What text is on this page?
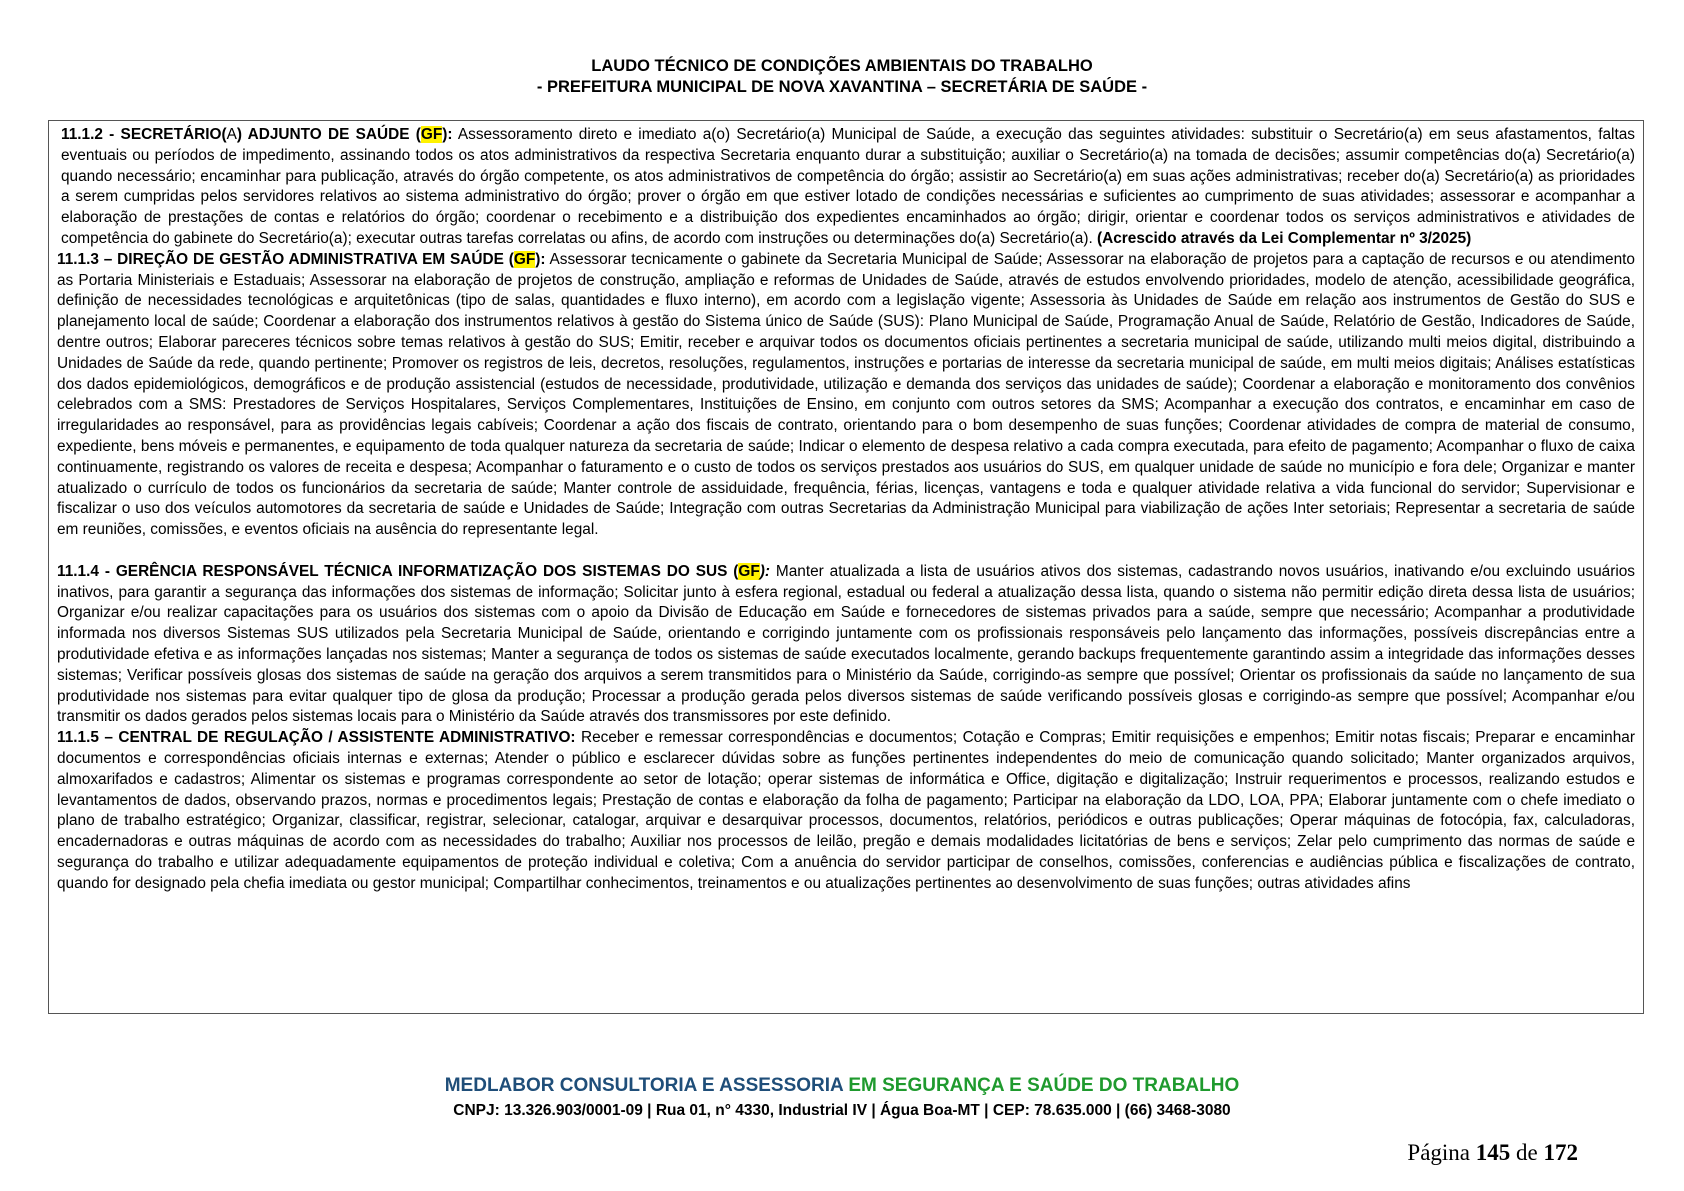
LAUDO TÉCNICO DE CONDIÇÕES AMBIENTAIS DO TRABALHO
- PREFEITURA MUNICIPAL DE NOVA XAVANTINA – SECRETÁRIA DE SAÚDE -

11.1.2 - SECRETÁRIO(A) ADJUNTO DE SAÚDE (GF): Assessoramento direto e imediato a(o) Secretário(a) Municipal de Saúde, a execução das seguintes atividades: substituir o Secretário(a) em seus afastamentos, faltas eventuais ou períodos de impedimento, assinando todos os atos administrativos da respectiva Secretaria enquanto durar a substituição; auxiliar o Secretário(a) na tomada de decisões; assumir competências do(a) Secretário(a) quando necessário; encaminhar para publicação, através do órgão competente, os atos administrativos de competência do órgão; assistir ao Secretário(a) em suas ações administrativas; receber do(a) Secretário(a) as prioridades a serem cumpridas pelos servidores relativos ao sistema administrativo do órgão; prover o órgão em que estiver lotado de condições necessárias e suficientes ao cumprimento de suas atividades; assessorar e acompanhar a elaboração de prestações de contas e relatórios do órgão; coordenar o recebimento e a distribuição dos expedientes encaminhados ao órgão; dirigir, orientar e coordenar todos os serviços administrativos e atividades de competência do gabinete do Secretário(a); executar outras tarefas correlatas ou afins, de acordo com instruções ou determinações do(a) Secretário(a). (Acrescido através da Lei Complementar nº 3/2025)

11.1.3 – DIREÇÃO DE GESTÃO ADMINISTRATIVA EM SAÚDE (GF): Assessorar tecnicamente o gabinete da Secretaria Municipal de Saúde; Assessorar na elaboração de projetos para a captação de recursos e ou atendimento as Portaria Ministeriais e Estaduais; Assessorar na elaboração de projetos de construção, ampliação e reformas de Unidades de Saúde, através de estudos envolvendo prioridades, modelo de atenção, acessibilidade geográfica, definição de necessidades tecnológicas e arquitetônicas (tipo de salas, quantidades e fluxo interno), em acordo com a legislação vigente; Assessoria às Unidades de Saúde em relação aos instrumentos de Gestão do SUS e planejamento local de saúde; Coordenar a elaboração dos instrumentos relativos à gestão do Sistema único de Saúde (SUS): Plano Municipal de Saúde, Programação Anual de Saúde, Relatório de Gestão, Indicadores de Saúde, dentre outros; Elaborar pareceres técnicos sobre temas relativos à gestão do SUS; Emitir, receber e arquivar todos os documentos oficiais pertinentes a secretaria municipal de saúde, utilizando multi meios digital, distribuindo a Unidades de Saúde da rede, quando pertinente; Promover os registros de leis, decretos, resoluções, regulamentos, instruções e portarias de interesse da secretaria municipal de saúde, em multi meios digitais; Análises estatísticas dos dados epidemiológicos, demográficos e de produção assistencial (estudos de necessidade, produtividade, utilização e demanda dos serviços das unidades de saúde); Coordenar a elaboração e monitoramento dos convênios celebrados com a SMS: Prestadores de Serviços Hospitalares, Serviços Complementares, Instituições de Ensino, em conjunto com outros setores da SMS; Acompanhar a execução dos contratos, e encaminhar em caso de irregularidades ao responsável, para as providências legais cabíveis; Coordenar a ação dos fiscais de contrato, orientando para o bom desempenho de suas funções; Coordenar atividades de compra de material de consumo, expediente, bens móveis e permanentes, e equipamento de toda qualquer natureza da secretaria de saúde; Indicar o elemento de despesa relativo a cada compra executada, para efeito de pagamento; Acompanhar o fluxo de caixa continuamente, registrando os valores de receita e despesa; Acompanhar o faturamento e o custo de todos os serviços prestados aos usuários do SUS, em qualquer unidade de saúde no município e fora dele; Organizar e manter atualizado o currículo de todos os funcionários da secretaria de saúde; Manter controle de assiduidade, frequência, férias, licenças, vantagens e toda e qualquer atividade relativa a vida funcional do servidor; Supervisionar e fiscalizar o uso dos veículos automotores da secretaria de saúde e Unidades de Saúde; Integração com outras Secretarias da Administração Municipal para viabilização de ações Inter setoriais; Representar a secretaria de saúde em reuniões, comissões, e eventos oficiais na ausência do representante legal.

11.1.4 - GERÊNCIA RESPONSÁVEL TÉCNICA INFORMATIZAÇÃO DOS SISTEMAS DO SUS (GF): Manter atualizada a lista de usuários ativos dos sistemas, cadastrando novos usuários, inativando e/ou excluindo usuários inativos, para garantir a segurança das informações dos sistemas de informação; Solicitar junto à esfera regional, estadual ou federal a atualização dessa lista, quando o sistema não permitir edição direta dessa lista de usuários; Organizar e/ou realizar capacitações para os usuários dos sistemas com o apoio da Divisão de Educação em Saúde e fornecedores de sistemas privados para a saúde, sempre que necessário; Acompanhar a produtividade informada nos diversos Sistemas SUS utilizados pela Secretaria Municipal de Saúde, orientando e corrigindo juntamente com os profissionais responsáveis pelo lançamento das informações, possíveis discrepâncias entre a produtividade efetiva e as informações lançadas nos sistemas; Manter a segurança de todos os sistemas de saúde executados localmente, gerando backups frequentemente garantindo assim a integridade das informações desses sistemas; Verificar possíveis glosas dos sistemas de saúde na geração dos arquivos a serem transmitidos para o Ministério da Saúde, corrigindo-as sempre que possível; Orientar os profissionais da saúde no lançamento de sua produtividade nos sistemas para evitar qualquer tipo de glosa da produção; Processar a produção gerada pelos diversos sistemas de saúde verificando possíveis glosas e corrigindo-as sempre que possível; Acompanhar e/ou transmitir os dados gerados pelos sistemas locais para o Ministério da Saúde através dos transmissores por este definido.

11.1.5 – CENTRAL DE REGULAÇÃO / ASSISTENTE ADMINISTRATIVO: Receber e remessar correspondências e documentos; Cotação e Compras; Emitir requisições e empenhos; Emitir notas fiscais; Preparar e encaminhar documentos e correspondências oficiais internas e externas; Atender o público e esclarecer dúvidas sobre as funções pertinentes independentes do meio de comunicação quando solicitado; Manter organizados arquivos, almoxarifados e cadastros; Alimentar os sistemas e programas correspondente ao setor de lotação; operar sistemas de informática e Office, digitação e digitalização; Instruir requerimentos e processos, realizando estudos e levantamentos de dados, observando prazos, normas e procedimentos legais; Prestação de contas e elaboração da folha de pagamento; Participar na elaboração da LDO, LOA, PPA; Elaborar juntamente com o chefe imediato o plano de trabalho estratégico; Organizar, classificar, registrar, selecionar, catalogar, arquivar e desarquivar processos, documentos, relatórios, periódicos e outras publicações; Operar máquinas de fotocópia, fax, calculadoras, encadernadoras e outras máquinas de acordo com as necessidades do trabalho; Auxiliar nos processos de leilão, pregão e demais modalidades licitatórias de bens e serviços; Zelar pelo cumprimento das normas de saúde e segurança do trabalho e utilizar adequadamente equipamentos de proteção individual e coletiva; Com a anuência do servidor participar de conselhos, comissões, conferencias e audiências pública e fiscalizações de contrato, quando for designado pela chefia imediata ou gestor municipal; Compartilhar conhecimentos, treinamentos e ou atualizações pertinentes ao desenvolvimento de suas funções; outras atividades afins

MEDLABOR CONSULTORIA E ASSESSORIA EM SEGURANÇA E SAÚDE DO TRABALHO
CNPJ: 13.326.903/0001-09 | Rua 01, n° 4330, Industrial IV | Água Boa-MT | CEP: 78.635.000 | (66) 3468-3080
Página 145 de 172
